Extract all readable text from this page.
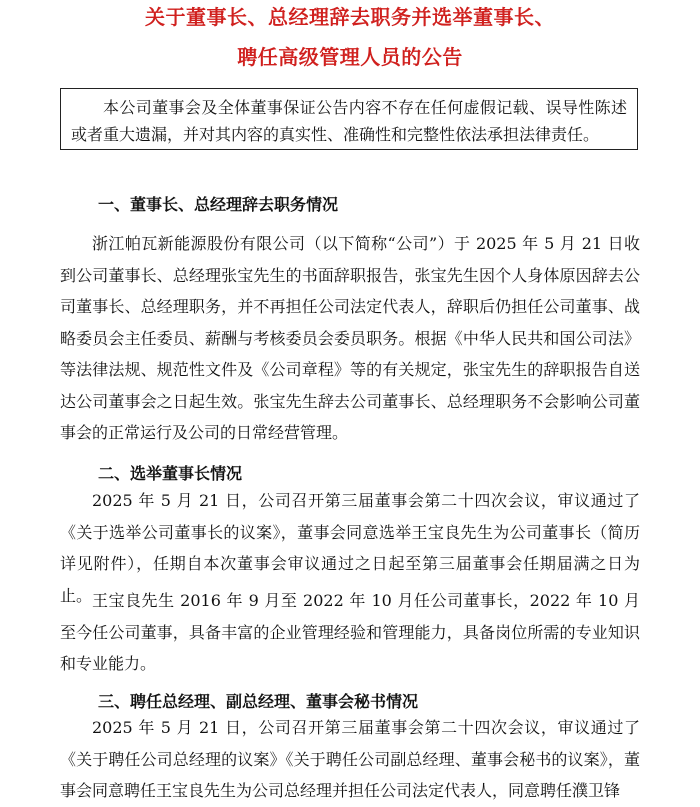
关于董事长、总经理辞去职务并选举董事长、
聘任高级管理人员的公告
本公司董事会及全体董事保证公告内容不存在任何虚假记载、误导性陈述或者重大遗漏，并对其内容的真实性、准确性和完整性依法承担法律责任。
一、董事长、总经理辞去职务情况
浙江帕瓦新能源股份有限公司（以下简称“公司”）于 2025 年 5 月 21 日收到公司董事长、总经理张宝先生的书面辞职报告，张宝先生因个人身体原因辞去公司董事长、总经理职务，并不再担任公司法定代表人，辞职后仍担任公司董事、战略委员会主任委员、薪酬与考核委员会委员职务。根据《中华人民共和国公司法》等法律法规、规范性文件及《公司章程》等的有关规定，张宝先生的辞职报告自送达公司董事会之日起生效。张宝先生辞去公司董事长、总经理职务不会影响公司董事会的正常运行及公司的日常经营管理。
二、选举董事长情况
2025 年 5 月 21 日，公司召开第三届董事会第二十四次会议，审议通过了《关于选举公司董事长的议案》，董事会同意选举王宝良先生为公司董事长（简历详见附件），任期自本次董事会审议通过之日起至第三届董事会任期届满之日为止。 王宝良先生 2016 年 9 月至 2022 年 10 月任公司董事长，2022 年 10 月至今任公司董事，具备丰富的企业管理经验和管理能力，具备岗位所需的专业知识和专业能力。
三、聘任总经理、副总经理、董事会秘书情况
2025 年 5 月 21 日，公司召开第三届董事会第二十四次会议，审议通过了《关于聘任公司总经理的议案》《关于聘任公司副总经理、董事会秘书的议案》，董事会同意聘任王宝良先生为公司总经理并担任公司法定代表人，同意聘任濮卫锋
